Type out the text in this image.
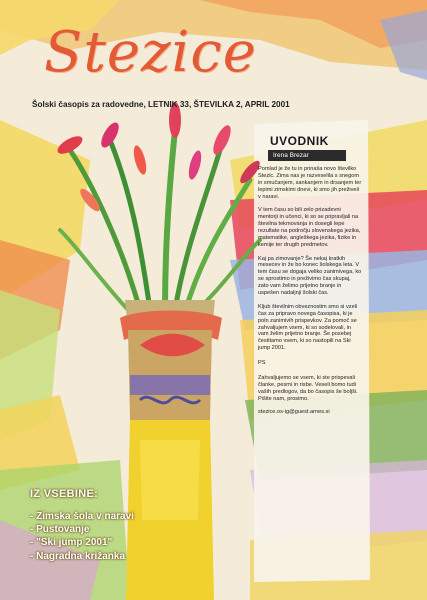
Stezice
Šolski časopis za radovedne, LETNIK 33, ŠTEVILKA 2, APRIL 2001
UVODNIK
Irena Brezar

Pomlad je že tu in prinaša novo številko Stezic. Zima nas je razveselila s snegom in smučanjem, sankanjem in drsanjem ter lepimi zimskimi dnevi, ki smo jih preživeli v naravi.

V tem času so bili zelo prizadevni mentorji in učenci, ki so se pripravljali na številna tekmovanja in dosegli lepe rezultate na področju slovenskega jezika, matematike, angleškega jezika, fizike in kemije ter drugih predmetov.

Kaj pa zimovanje? Še nekaj kratkih mesecev in že bo konec šolskega leta. V tem času se dogaja veliko zanimivega, ko se sprostimo in preživimo čas skupaj, zato vam želimo prijetno branje in uspešen nadaljnji šolski čas.

Kljub številnim obveznostim smo si vzeli čas za pripravo novega časopisa, ki je poln zanimivih prispevkov. Za pomoč se zahvaljujem vsem, ki so sodelovali, in vam želim prijetno branje. Še posebej čestitamo vsem, ki so nastopili na Ski jump 2001.

PS

Zahvaljujemo se vsem, ki ste prispevali članke, pesmi in risbe. Veseli bomo tudi vaših predlogov, da bo časopis še boljši. Pišite nam, prosimo.

stezice.os-ig@guest.arnes.si

IZ VSEBINE:
- Zimska šola v naravi
- Pustovanje
- "Ski jump 2001"
- Nagradna križanka
